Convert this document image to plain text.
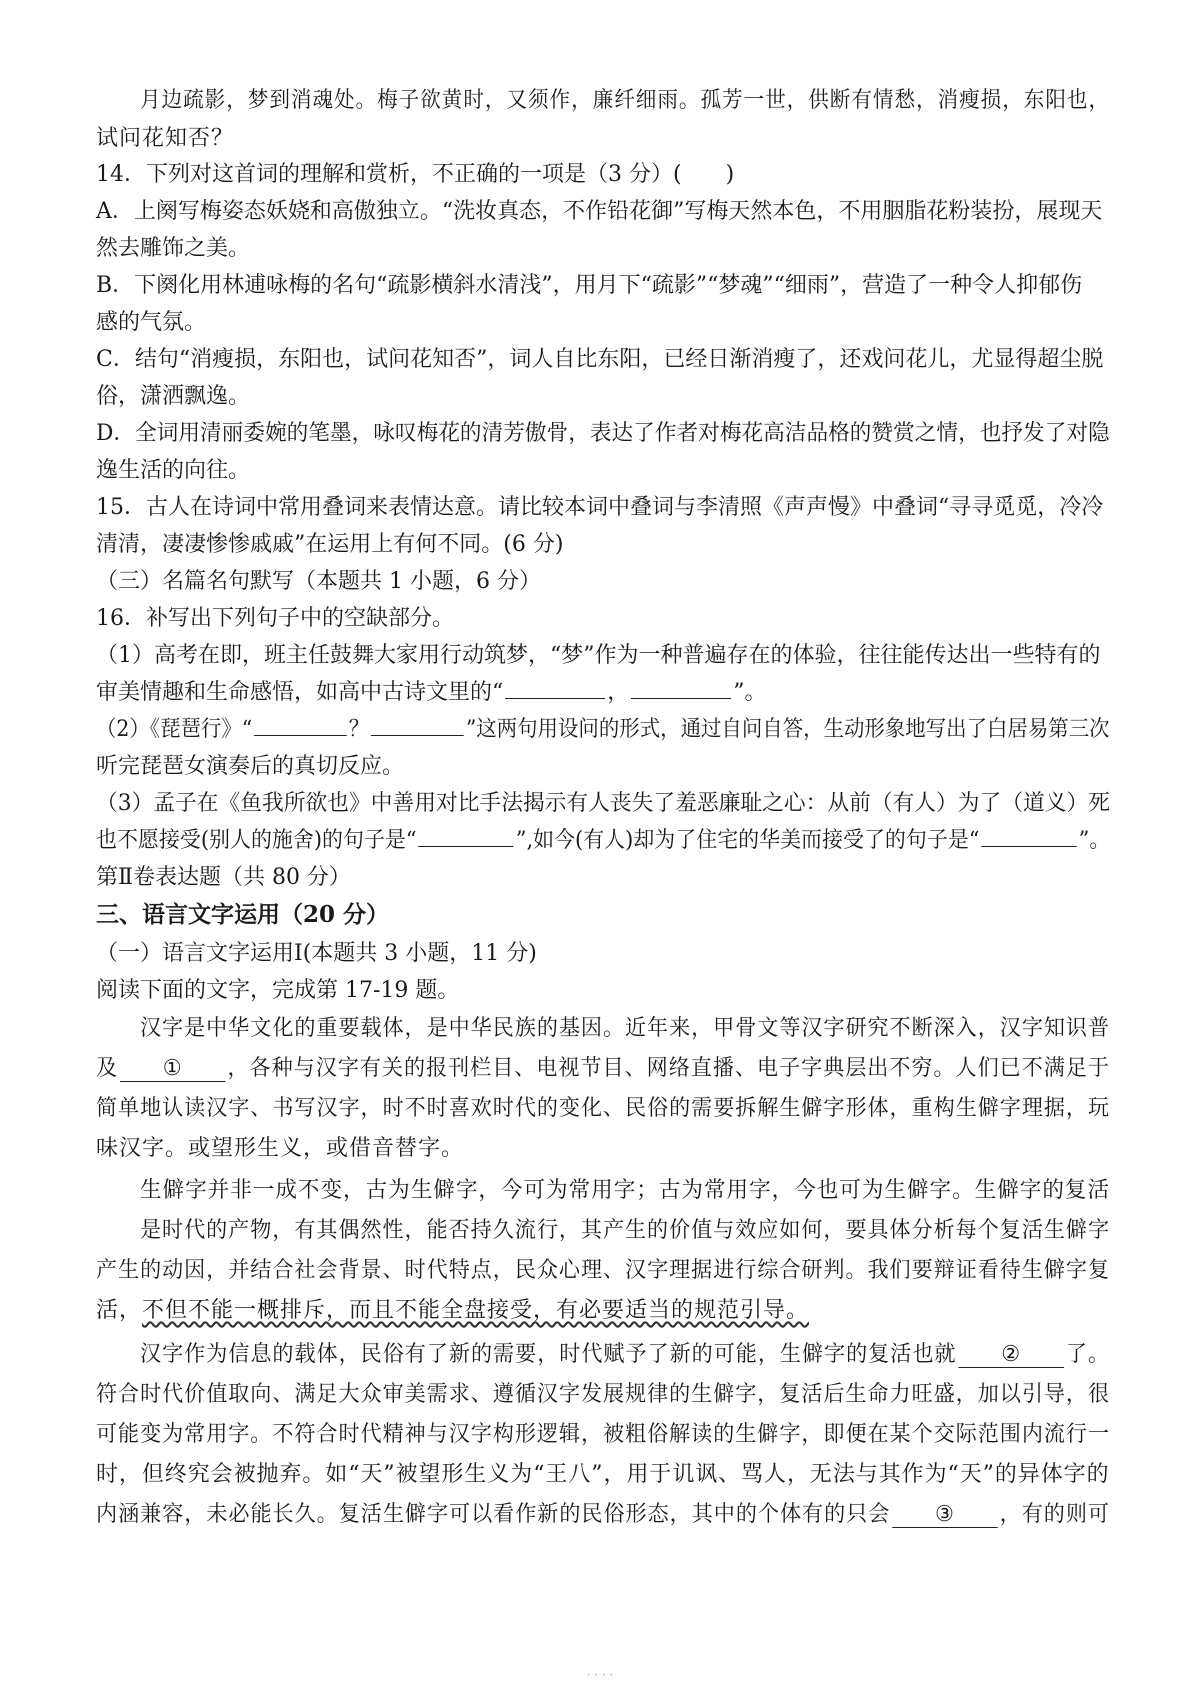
月边疏影，梦到消魂处。梅子欲黄时，又须作，廉纤细雨。孤芳一世，供断有情愁，消瘦损，东阳也，
试问花知否？
14．下列对这首词的理解和赏析，不正确的一项是（3 分）(　　)
A．上阕写梅姿态妖娆和高傲独立。“洗妆真态，不作铅花御”写梅天然本色，不用胭脂花粉装扮，展现天
然去雕饰之美。
B．下阕化用林逋咏梅的名句“疏影横斜水清浅”，用月下“疏影”“梦魂”“细雨”，营造了一种令人抑郁伤
感的气氛。
C．结句“消瘦损，东阳也，试问花知否”，词人自比东阳，已经日渐消瘦了，还戏问花儿，尤显得超尘脱
俗，潇洒飘逸。
D．全词用清丽委婉的笔墨，咏叹梅花的清芳傲骨，表达了作者对梅花高洁品格的赞赏之情，也抒发了对隐
逸生活的向往。
15．古人在诗词中常用叠词来表情达意。请比较本词中叠词与李清照《声声慢》中叠词“寻寻觅觅，冷冷
清清，凄凄惨惨戚戚”在运用上有何不同。(6 分)
（三）名篇名句默写（本题共 1 小题，6 分）
16．补写出下列句子中的空缺部分。
（1）高考在即，班主任鼓舞大家用行动筑梦，“梦”作为一种普遍存在的体验，往往能传达出一些特有的
审美情趣和生命感悟，如高中古诗文里的“	，	”。
（2）《琵琶行》“	？	”这两句用设问的形式，通过自问自答，生动形象地写出了白居易第三次
听完琵琶女演奏后的真切反应。
（3）孟子在《鱼我所欲也》中善用对比手法揭示有人丧失了羞恶廉耻之心：从前（有人）为了（道义）死
也不愿接受(别人的施舍)的句子是“	”,如今(有人)却为了住宅的华美而接受了的句子是“	”。
第Ⅱ卷表达题（共 80 分）
三、语言文字运用（20 分）
（一）语言文字运用Ⅰ(本题共 3 小题，11 分)
阅读下面的文字，完成第 17-19 题。
汉字是中华文化的重要载体，是中华民族的基因。近年来，甲骨文等汉字研究不断深入，汉字知识普
及 ① ，各种与汉字有关的报刊栏目、电视节目、网络直播、电子字典层出不穷。人们已不满足于
简单地认读汉字、书写汉字，时不时喜欢时代的变化、民俗的需要拆解生僻字形体，重构生僻字理据，玩
味汉字。或望形生义，或借音替字。
生僻字并非一成不变，古为生僻字，今可为常用字；古为常用字，今也可为生僻字。生僻字的复活
是时代的产物，有其偶然性，能否持久流行，其产生的价值与效应如何，要具体分析每个复活生僻字
产生的动因，并结合社会背景、时代特点，民众心理、汉字理据进行综合研判。我们要辩证看待生僻字复
活，不但不能一概排斥，而且不能全盘接受，有必要适当的规范引导。
汉字作为信息的载体，民俗有了新的需要，时代赋予了新的可能，生僻字的复活也就 ② 了。
符合时代价值取向、满足大众审美需求、遵循汉字发展规律的生僻字，复活后生命力旺盛，加以引导，很
可能变为常用字。不符合时代精神与汉字构形逻辑，被粗俗解读的生僻字，即便在某个交际范围内流行一
时，但终究会被抛弃。如“天”被望形生义为“王八”，用于讥讽、骂人，无法与其作为“天”的异体字的
内涵兼容，未必能长久。复活生僻字可以看作新的民俗形态，其中的个体有的只会 ③ ，有的则可
· · · ·
